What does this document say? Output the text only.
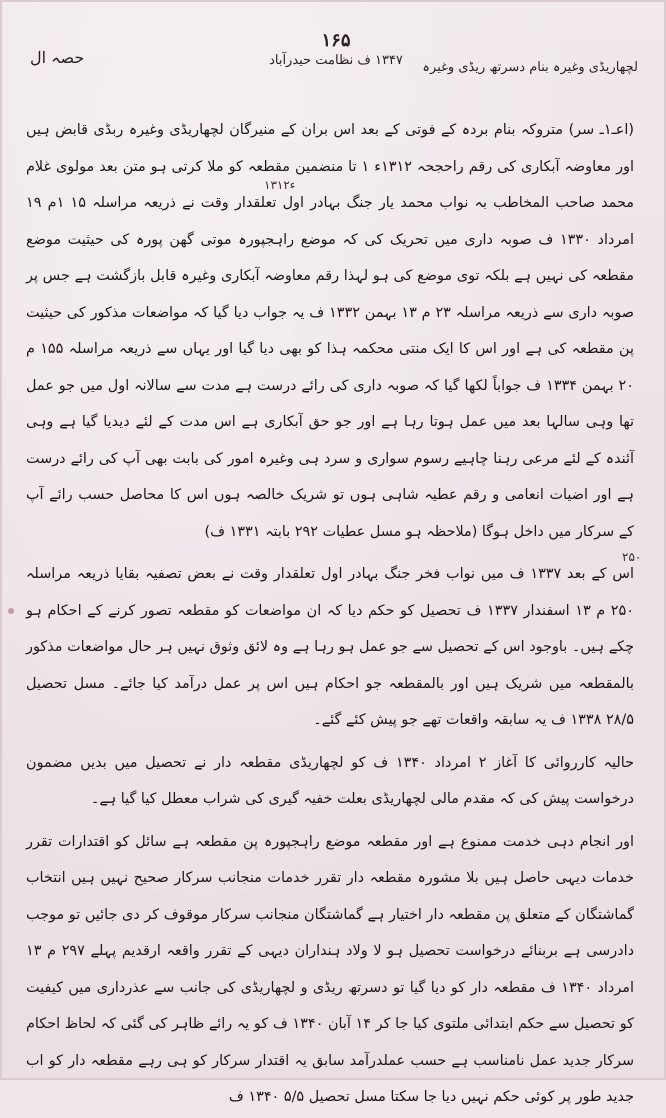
حصہ ال
۱۶۵
۱۳۴۷ ف نظامت حیدرآباد	لچھاریڈی وغیرہ بنام دسرتھ ریڈی وغیرہ

(اعـ۱ـ سر) متروکہ بنام بردہ کے فوتی کے بعد اس بران کے منیرگان لچھاریڈی وغیرہ ربڈی قابض ہیں اور معاوضہ آبکاری کی رقم راحجحہ ۱۳۱۲ء ۱ تا منضمین مقطعہ کو ملا کرتی ہو متن بعد مولوی غلام محمد صاحب المخاطب بہ نواب محمد یار جنگ بہادر اول تعلقدار وقت نے ذریعہ مراسلہ ۱۵ ۱م ۱۹ امرداد ۱۳۳۰ ف صوبہ داری میں تحریک کی کہ موضع راہجپورہ موتی گھن پورہ کی حیثیت موضع مقطعہ کی نہیں ہے بلکہ توی موضع کی ہو لہذا رقم معاوضہ آبکاری وغیرہ قابل بازگشت ہے جس پر صوبہ داری سے ذریعہ مراسلہ ۲۳ م ۱۳ بہمن ۱۳۳۲ ف یہ جواب دیا گیا کہ مواضعات مذکور کی حیثیت پن مقطعہ کی ہے اور اس کا ایک منتی محکمہ ہذا کو بھی دیا گیا اور یہاں سے ذریعہ مراسلہ ۱۵۵ م ۲۰ بہمن ۱۳۳۴ ف جواباً لکھا گیا کہ صوبہ داری کی رائے درست ہے مدت سے سالانہ اول میں جو عمل تھا وہی سالہا بعد میں عمل ہوتا رہا ہے اور جو حق آبکاری ہے اس مدت کے لئے دیدیا گیا ہے وہی آئندہ کے لئے مرعی رہنا چاہیے رسوم سواری و سرد ہی وغیرہ امور کی بابت بھی آپ کی رائے درست ہے اور اضیات انعامی و رقم عطیہ شاہی ہوں تو شریک خالصہ ہوں اس کا محاصل حسب رائے آپ کے سرکار میں داخل ہوگا (ملاحظہ ہو مسل عطیات ۲۹۲ بابتہ ۱۳۳۱ ف)

اس کے بعد ۱۳۳۷ ف میں نواب فخر جنگ بہادر اول تعلقدار وقت نے بعض تصفیہ بقایا ذریعہ مراسلہ ۲۵۰ م ۱۳ اسفندار ۱۳۳۷ ف تحصیل کو حکم دیا کہ ان مواضعات کو مقطعہ تصور کرنے کے احکام ہو چکے ہیں۔ باوجود اس کے تحصیل سے جو عمل ہو رہا ہے وہ لائق وثوق نہیں ہر حال مواضعات مذکور بالمقطعہ میں شریک ہیں اور بالمقطعہ جو احکام ہیں اس پر عمل درآمد کیا جائے۔ مسل تحصیل ۲۸/۵ ۱۳۳۸ ف یہ سابقہ واقعات تھے جو پیش کئے گئے۔

حالیہ کارروائی کا آغاز ۲ امرداد ۱۳۴۰ ف کو لچھاریڈی مقطعہ دار نے تحصیل میں بدیں مضمون درخواست پیش کی کہ مقدم مالی لچھاریڈی بعلت خفیہ گیری کی شراب معطل کیا گیا ہے۔

اور انجام دہی خدمت ممنوع ہے اور مقطعہ موضع راہجپورہ پن مقطعہ ہے سائل کو اقتدارات تقرر خدمات دیہی حاصل ہیں بلا مشورہ مقطعہ دار تقرر خدمات منجانب سرکار صحیح نہیں ہیں انتخاب گماشتگان کے متعلق پن مقطعہ دار اختیار ہے گماشتگان منجانب سرکار موقوف کر دی جائیں تو موجب دادرسی ہے بربنائے درخواست تحصیل ہو لا ولاد ہنداران دیہی کے تقرر واقعہ ارقدیم پہلے ۲۹۷ م ۱۳ امرداد ۱۳۴۰ ف مقطعہ دار کو دیا گیا تو دسرتھ ریڈی و لچھاریڈی کی جانب سے عذرداری میں کیفیت کو تحصیل سے حکم ابتدائی ملتوی کیا جا کر ۱۴ آبان ۱۳۴۰ ف کو یہ رائے ظاہر کی گئی کہ لحاظ احکام سرکار جدید عمل نامناسب ہے حسب عملدرآمد سابق یہ اقتدار سرکار کو ہی رہے مقطعہ دار کو اب جدید طور پر کوئی حکم نہیں دیا جا سکتا مسل تحصیل ۵/۵ ۱۳۴۰ ف

۱۳۱۲ء
۲۵۰
